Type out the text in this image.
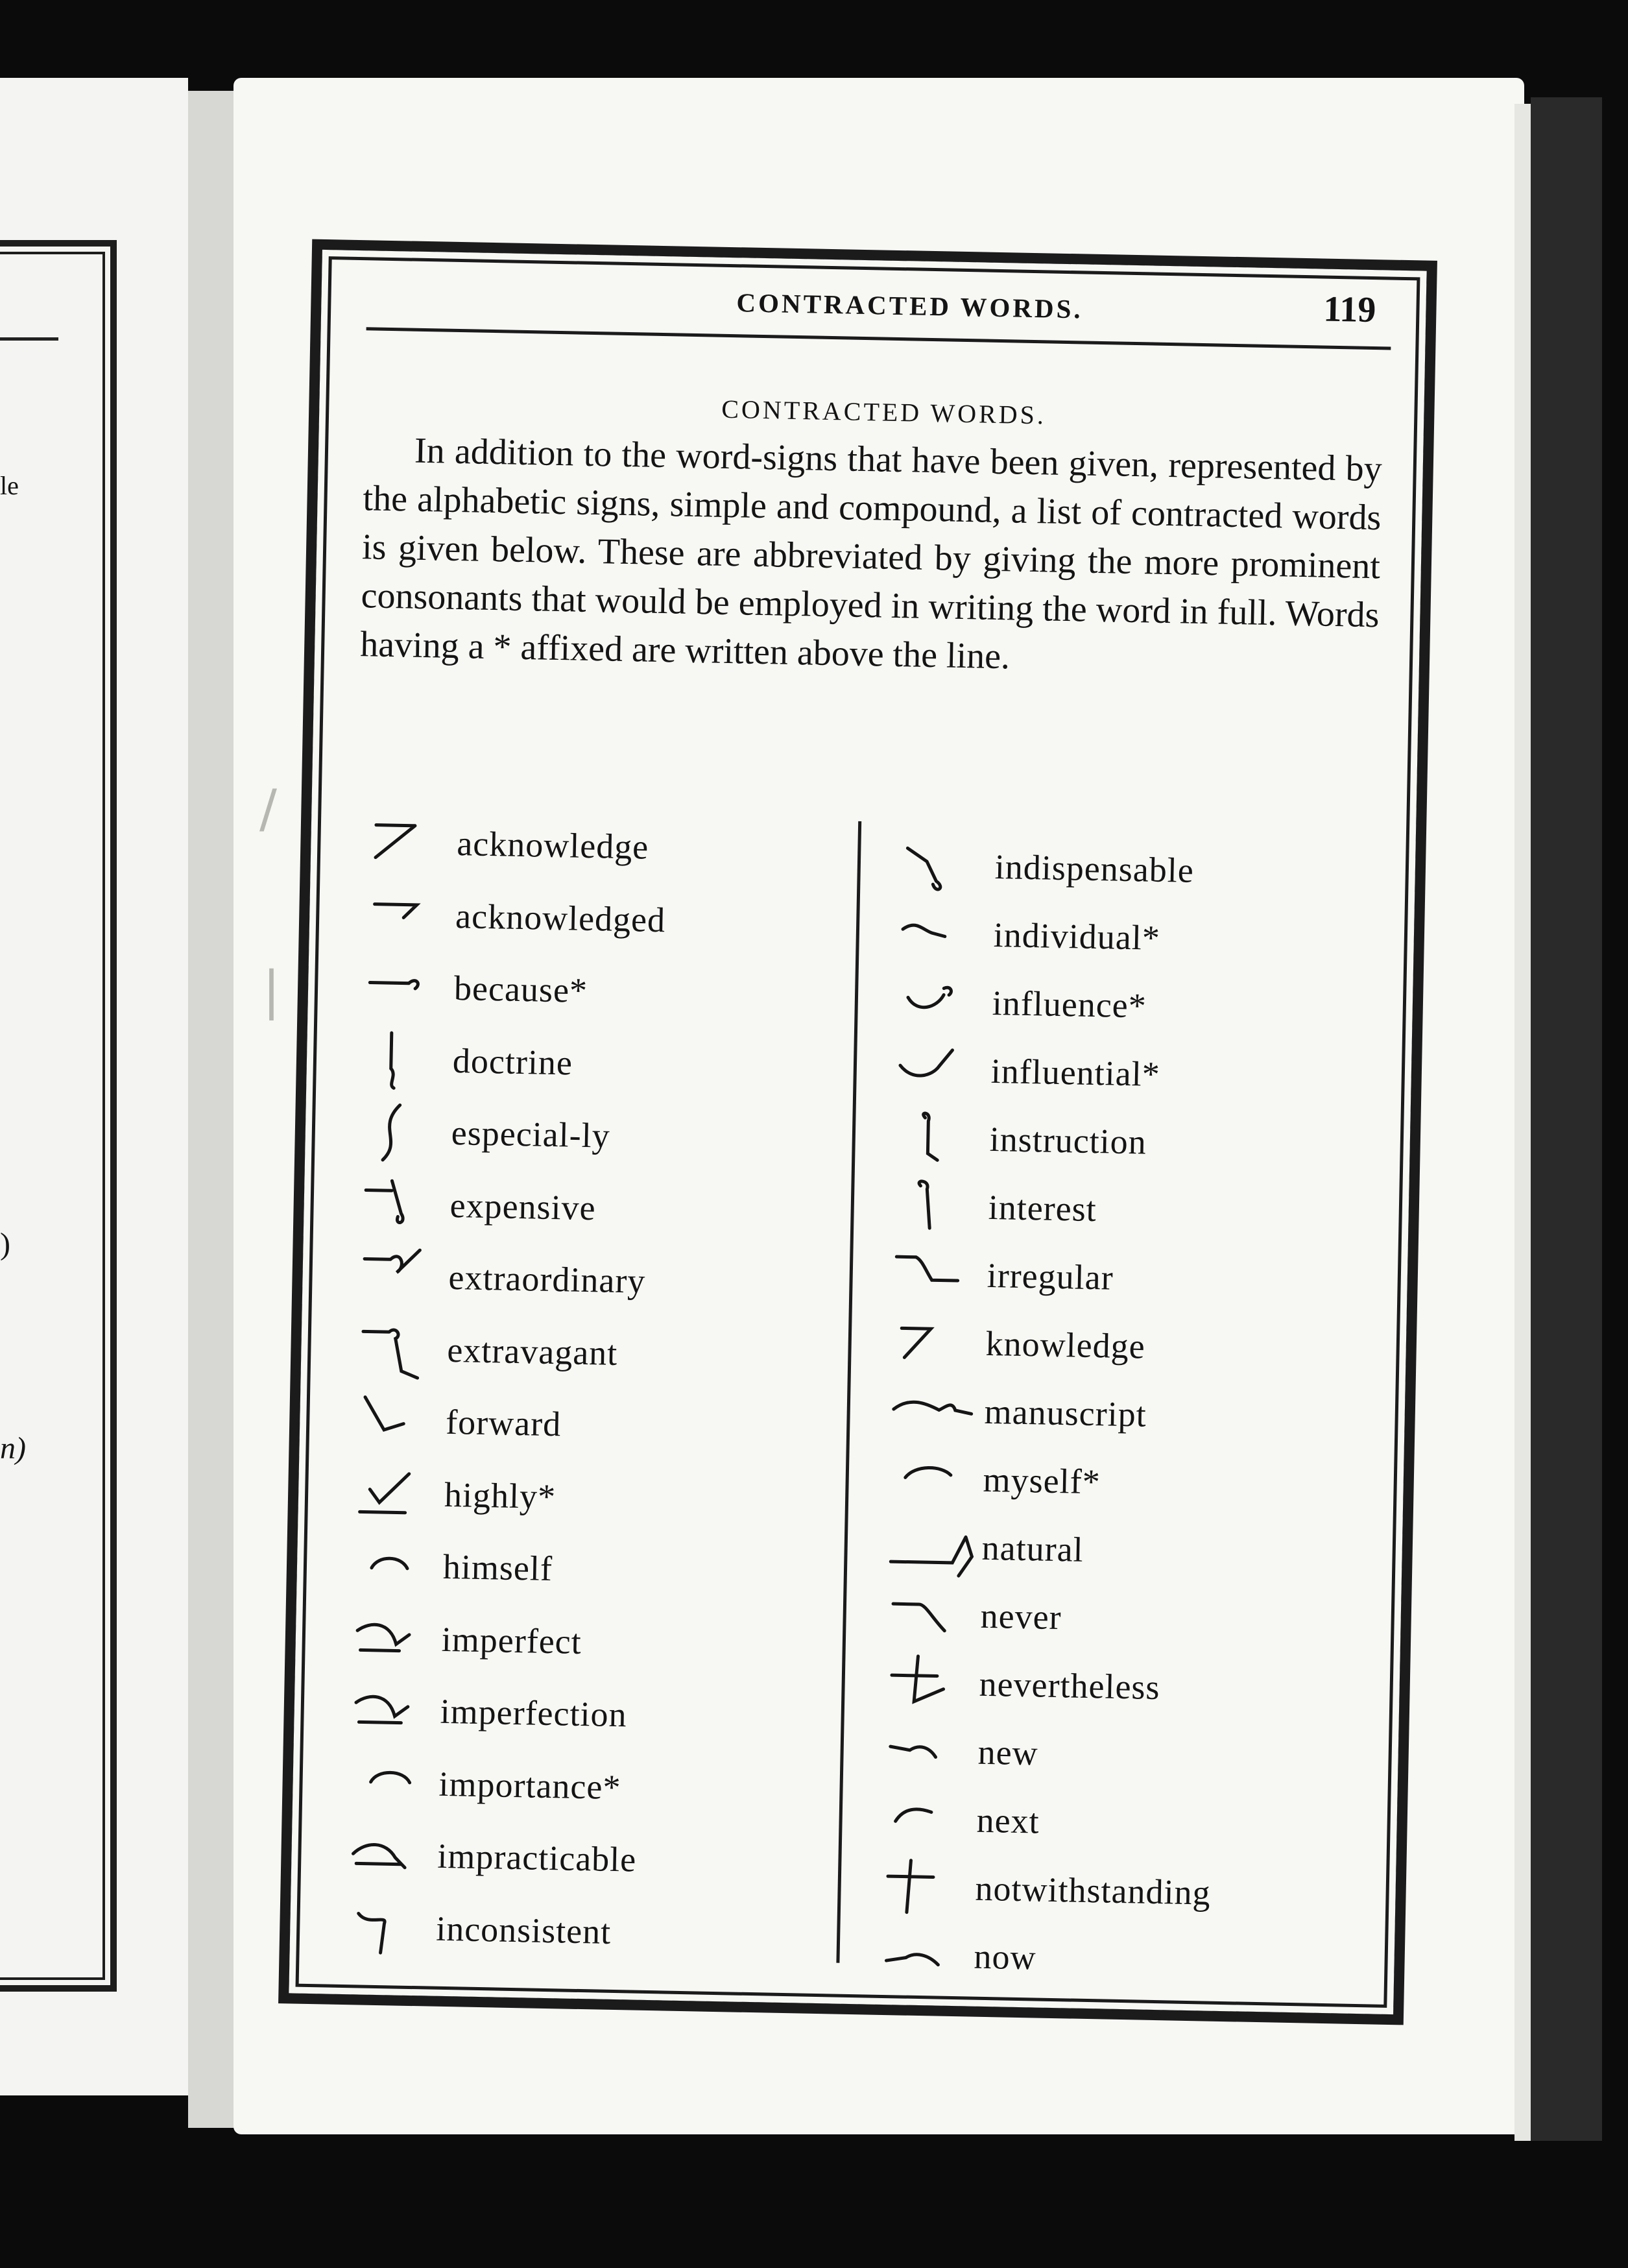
le
)
n)
/
|
CONTRACTED WORDS.	119
CONTRACTED WORDS.

In addition to the word-signs that have been given, represented by the alphabetic signs, simple and compound, a list of contracted words is given below. These are abbreviated by giving the more prominent consonants that would be employed in writing the word in full. Words having a * affixed are written above the line.

acknowledge
acknowledged
because*
doctrine
especial-ly
expensive
extraordinary
extravagant
forward
highly*
himself
imperfect
imperfection
importance*
impracticable
inconsistent
indispensable
individual*
influence*
influential*
instruction
interest
irregular
knowledge
manuscript
myself*
natural
never
nevertheless
new
next
notwithstanding
now
